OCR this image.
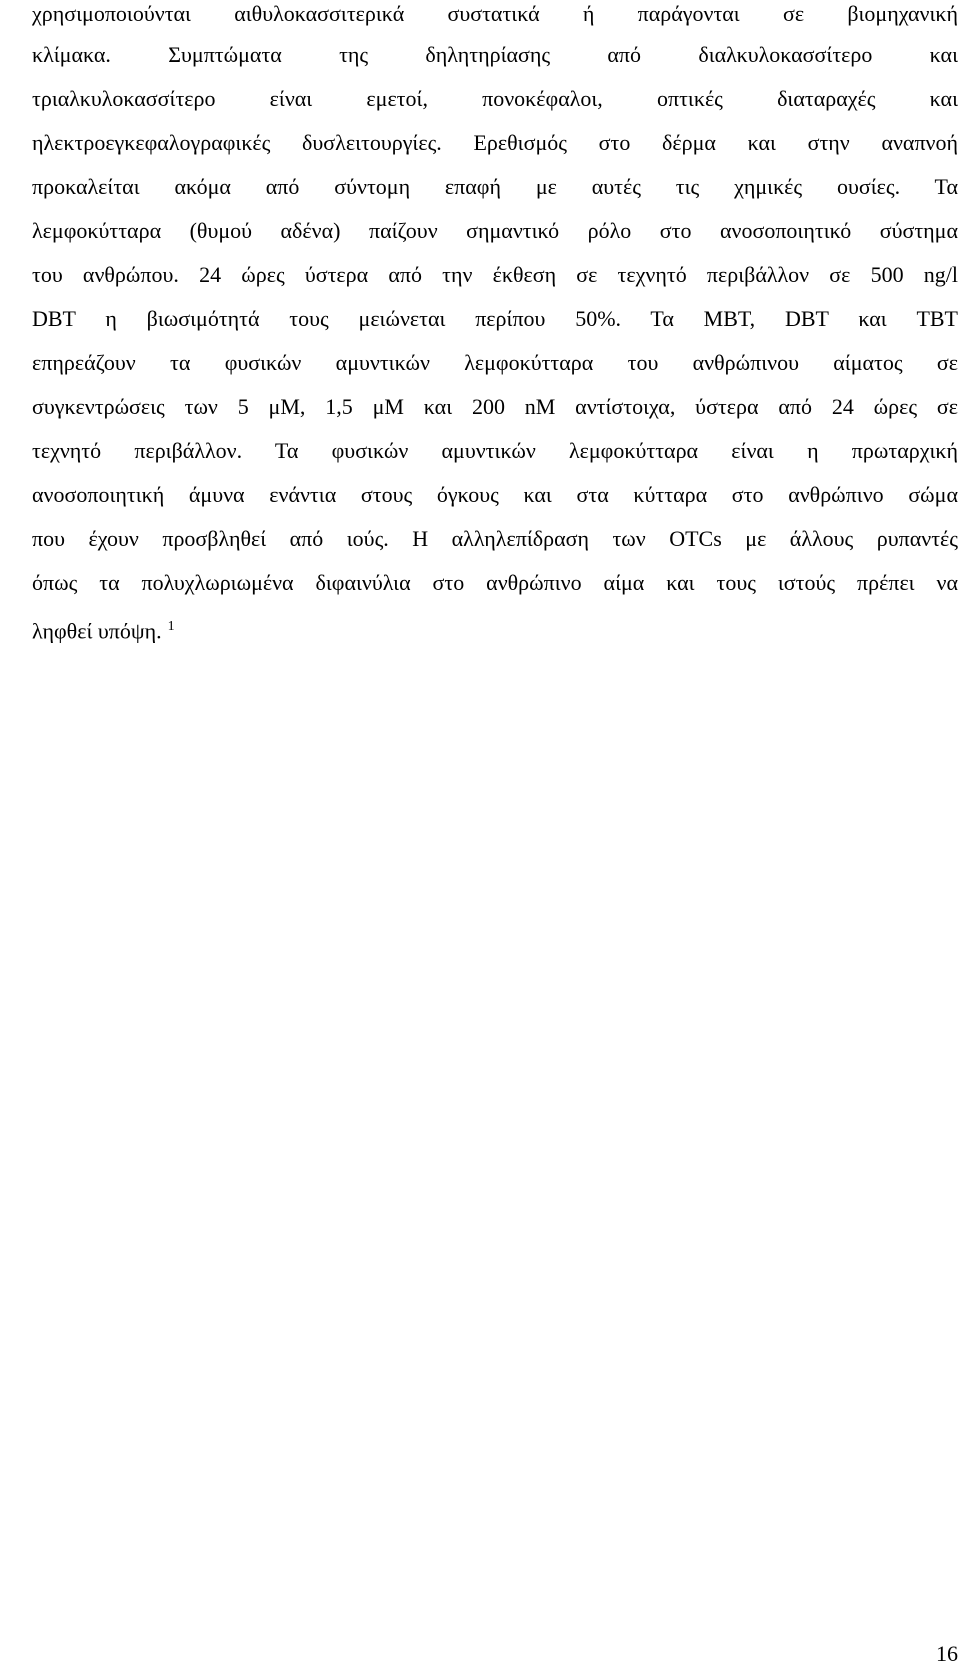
χρησιμοποιούνται αιθυλοκασσιτερικά συστατικά ή παράγονται σε βιομηχανική
κλίμακα. Συμπτώματα της δηλητηρίασης από διαλκυλοκασσίτερο και
τριαλκυλοκασσίτερο είναι εμετοί, πονοκέφαλοι, οπτικές διαταραχές και
ηλεκτροεγκεφαλογραφικές δυσλειτουργίες. Ερεθισμός στο δέρμα και στην αναπνοή
προκαλείται ακόμα από σύντομη επαφή με αυτές τις χημικές ουσίες. Τα
λεμφοκύτταρα (θυμού αδένα) παίζουν σημαντικό ρόλο στο ανοσοποιητικό σύστημα
του ανθρώπου. 24 ώρες ύστερα από την έκθεση σε τεχνητό περιβάλλον σε 500 ng/l
DBT η βιωσιμότητά τους μειώνεται περίπου 50%. Τα MBT, DBT και TBT
επηρεάζουν τα φυσικών αμυντικών λεμφοκύτταρα του ανθρώπινου αίματος σε
συγκεντρώσεις των 5 μM, 1,5 μM και 200 nM αντίστοιχα, ύστερα από 24 ώρες σε
τεχνητό περιβάλλον. Τα φυσικών αμυντικών λεμφοκύτταρα είναι η πρωταρχική
ανοσοποιητική άμυνα ενάντια στους όγκους και στα κύτταρα στο ανθρώπινο σώμα
που έχουν προσβληθεί από ιούς. Η αλληλεπίδραση των OTCs με άλλους ρυπαντές
όπως τα πολυχλωριωμένα διφαινύλια στο ανθρώπινο αίμα και τους ιστούς πρέπει να
ληφθεί υπόψη. $^1$
16
